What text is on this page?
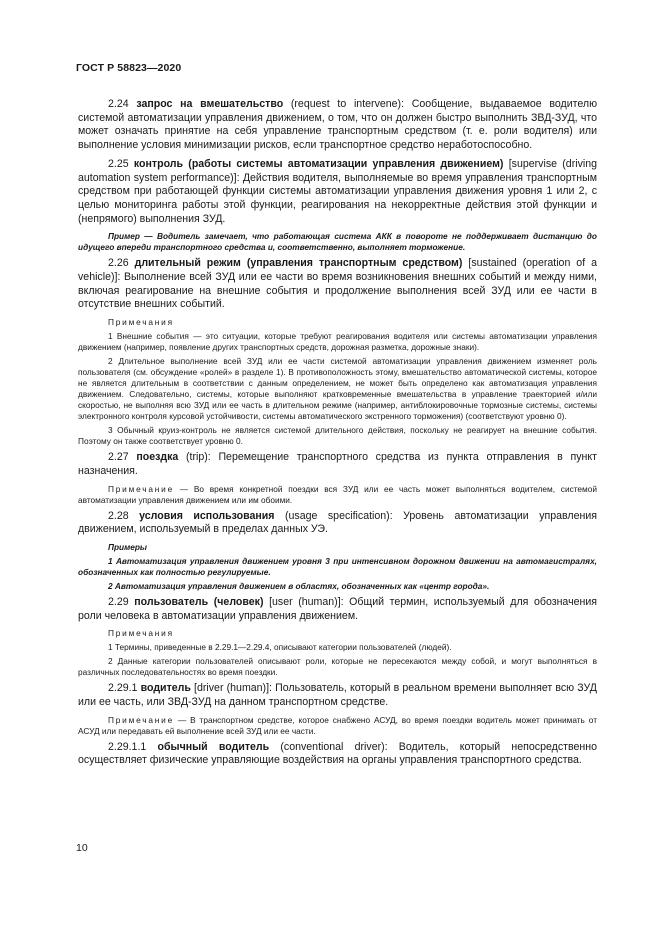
ГОСТ Р 58823—2020

2.24 запрос на вмешательство (request to intervene): Сообщение, выдаваемое водителю системой автоматизации управления движением, о том, что он должен быстро выполнить ЗВД-ЗУД, что может означать принятие на себя управление транспортным средством (т. е. роли водителя) или выполнение условия минимизации рисков, если транспортное средство неработоспособно.

2.25 контроль (работы системы автоматизации управления движением) [supervise (driving automation system performance)]: Действия водителя, выполняемые во время управления транспортным средством при работающей функции системы автоматизации управления движения уровня 1 или 2, с целью мониторинга работы этой функции, реагирования на некорректные действия этой функции и (непрямого) выполнения ЗУД.

Пример — Водитель замечает, что работающая система АКК в повороте не поддерживает дистанцию до идущего впереди транспортного средства и, соответственно, выполняет торможение.

2.26 длительный режим (управления транспортным средством) [sustained (operation of a vehicle)]: Выполнение всей ЗУД или ее части во время возникновения внешних событий и между ними, включая реагирование на внешние события и продолжение выполнения всей ЗУД или ее части в отсутствие внешних событий.

Примечания

1 Внешние события — это ситуации, которые требуют реагирования водителя или системы автоматизации управления движением (например, появление других транспортных средств, дорожная разметка, дорожные знаки).

2 Длительное выполнение всей ЗУД или ее части системой автоматизации управления движением изменяет роль пользователя (см. обсуждение «ролей» в разделе 1). В противоположность этому, вмешательство автоматической системы, которое не является длительным в соответствии с данным определением, не может быть определено как автоматизация управления движением. Следовательно, системы, которые выполняют кратковременные вмешательства в управление траекторией и/или скоростью, не выполняя всю ЗУД или ее часть в длительном режиме (например, антиблокировочные тормозные системы, системы электронного контроля курсовой устойчивости, системы автоматического экстренного торможения) (соответствуют уровню 0).

3 Обычный круиз-контроль не является системой длительного действия, поскольку не реагирует на внешние события. Поэтому он также соответствует уровню 0.

2.27 поездка (trip): Перемещение транспортного средства из пункта отправления в пункт назначения.

Примечание — Во время конкретной поездки вся ЗУД или ее часть может выполняться водителем, системой автоматизации управления движением или им обоими.

2.28 условия использования (usage specification): Уровень автоматизации управления движением, используемый в пределах данных УЭ.

Примеры

1 Автоматизация управления движением уровня 3 при интенсивном дорожном движении на автомагистралях, обозначенных как полностью регулируемые.

2 Автоматизация управления движением в областях, обозначенных как «центр города».

2.29 пользователь (человек) [user (human)]: Общий термин, используемый для обозначения роли человека в автоматизации управления движением.

Примечания

1 Термины, приведенные в 2.29.1—2.29.4, описывают категории пользователей (людей).

2 Данные категории пользователей описывают роли, которые не пересекаются между собой, и могут выполняться в различных последовательностях во время поездки.

2.29.1 водитель [driver (human)]: Пользователь, который в реальном времени выполняет всю ЗУД или ее часть, или ЗВД-ЗУД на данном транспортном средстве.

Примечание — В транспортном средстве, которое снабжено АСУД, во время поездки водитель может принимать от АСУД или передавать ей выполнение всей ЗУД или ее части.

2.29.1.1 обычный водитель (conventional driver): Водитель, который непосредственно осуществляет физические управляющие воздействия на органы управления транспортного средства.

10
